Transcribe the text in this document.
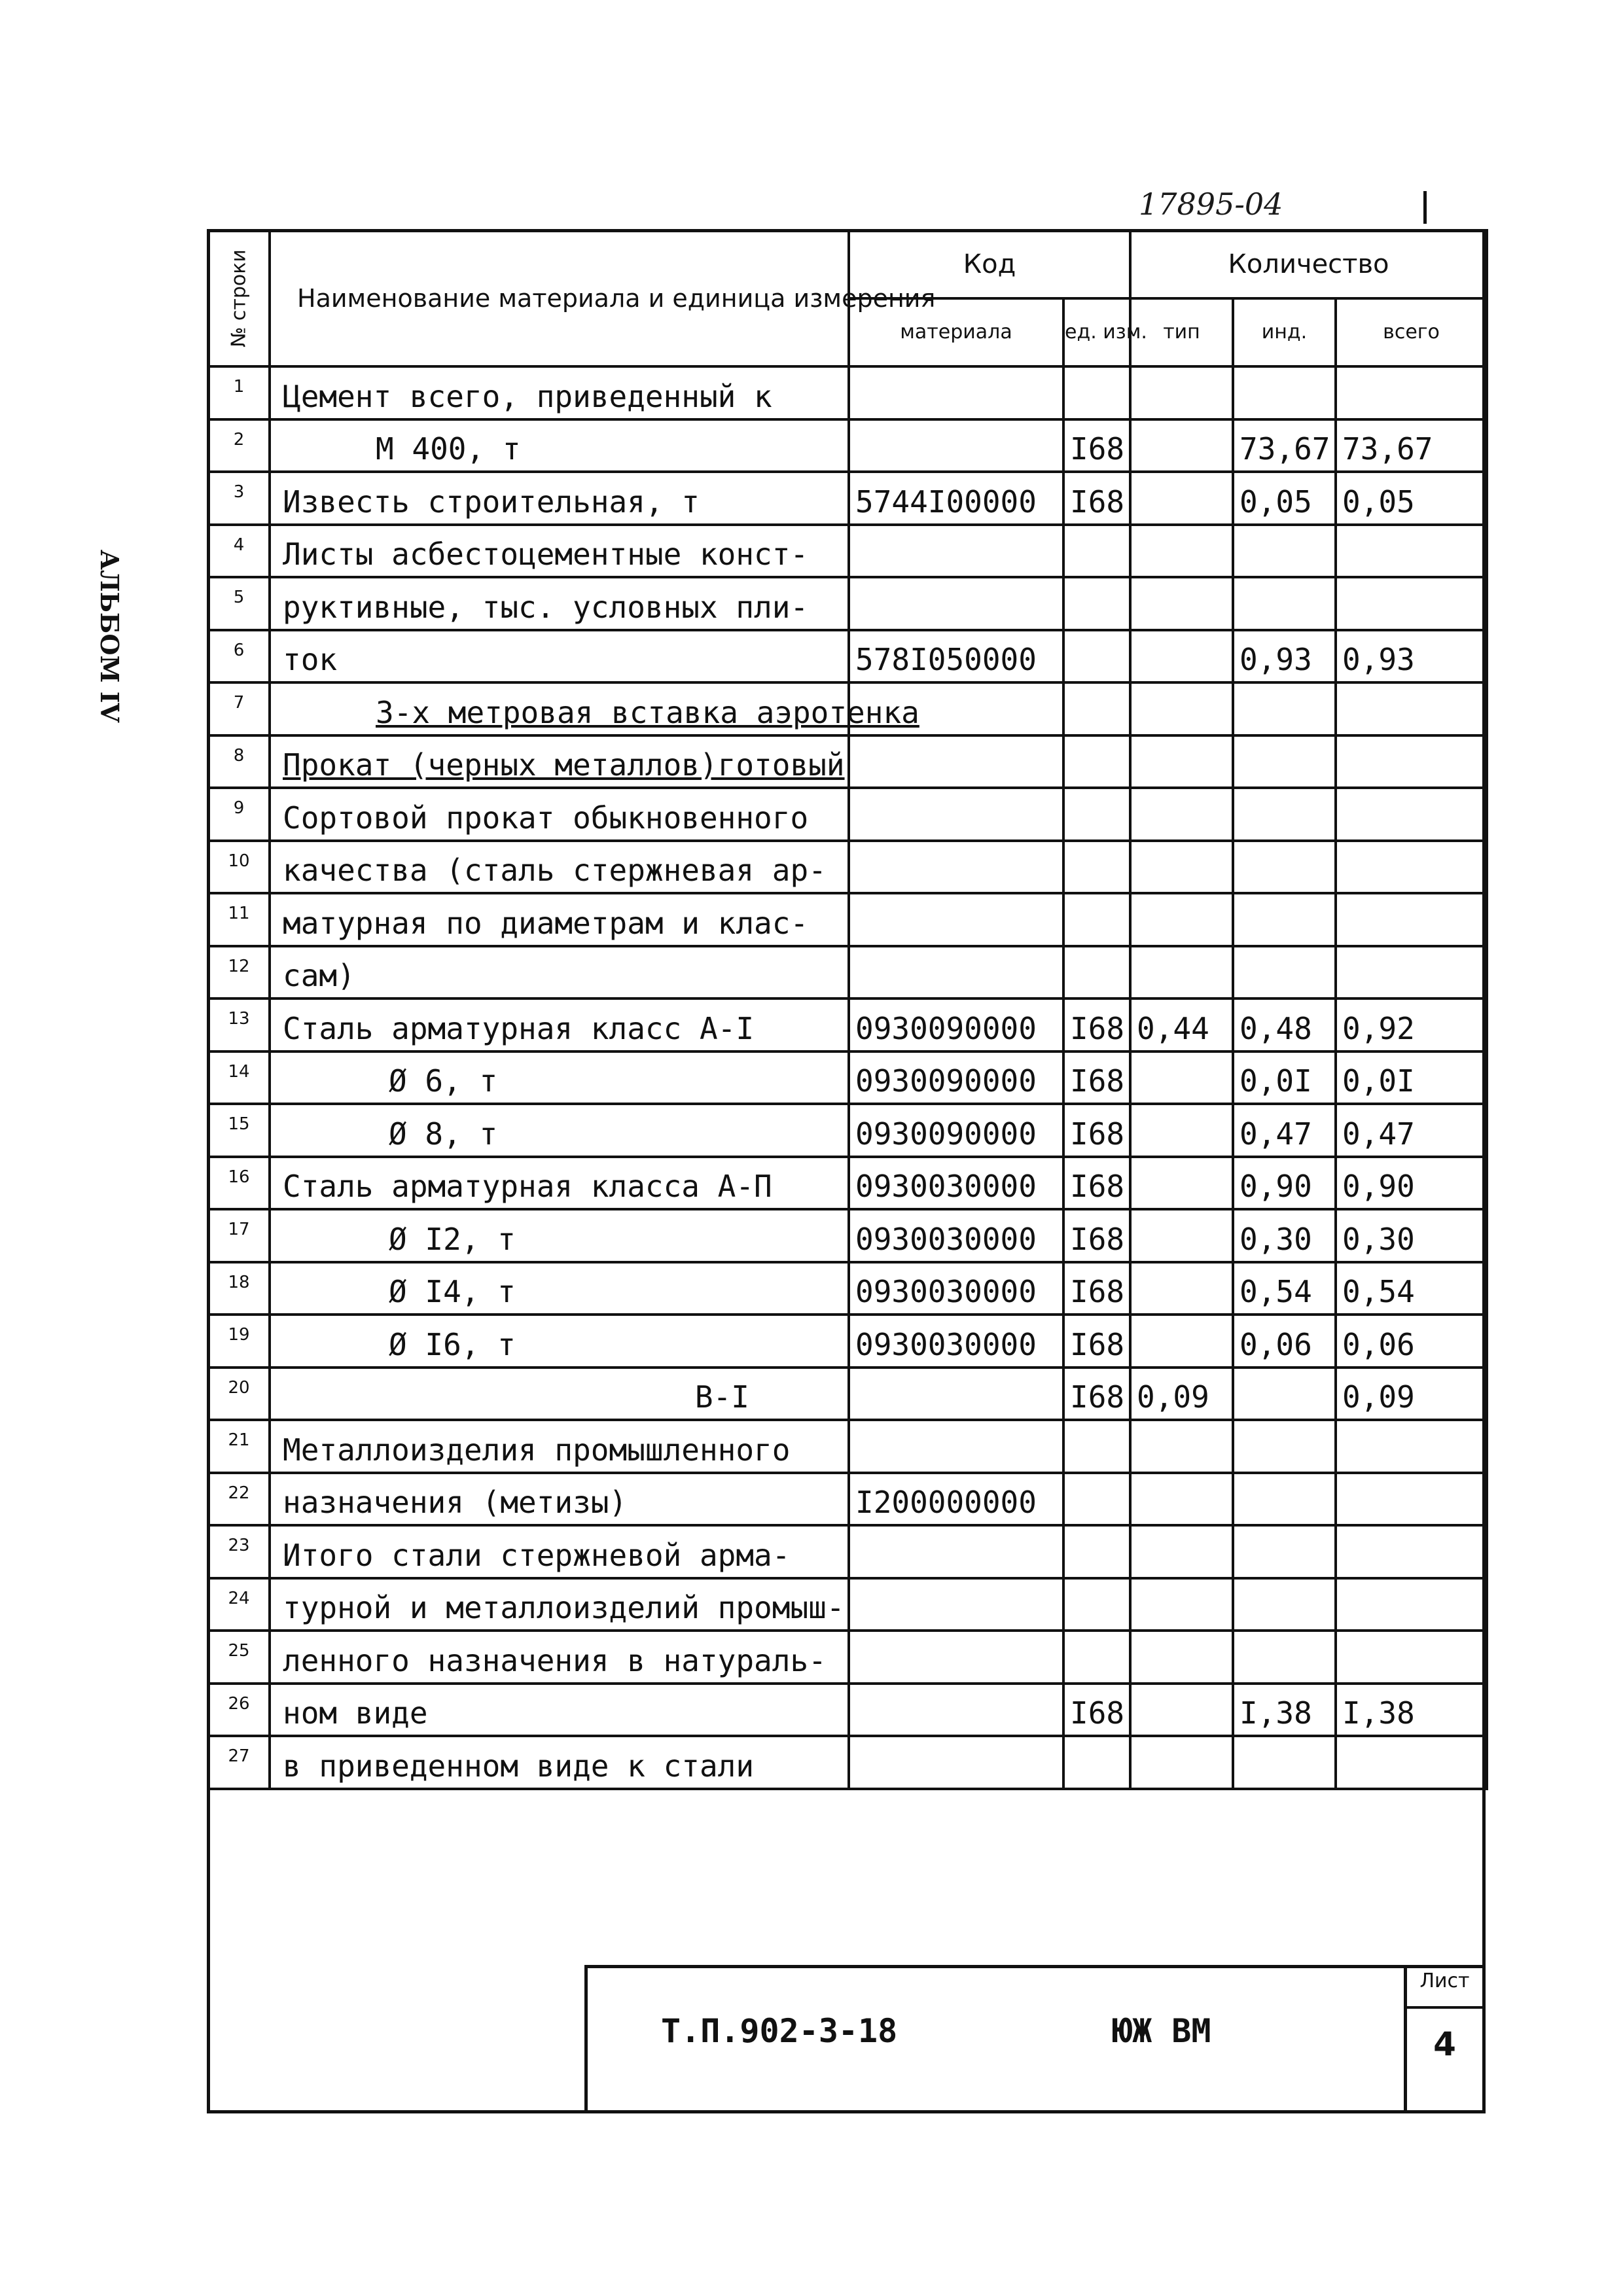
17895-04
АЛЬБОМ IV
№ строки	Наименование материала и единица измерения	Код		Количество		
		материала	ед. изм.	тип	инд.	всего
1	Цемент всего, приведенный к					
2	М 400, т		I68		73,67	73,67
3	Известь строительная, т	5744I00000	I68		0,05	0,05
4	Листы асбестоцементные конст-					
5	руктивные, тыс. условных пли-					
6	ток	578I050000			0,93	0,93
7	3-х метровая вставка аэротенка					
8	Прокат (черных металлов)готовый					
9	Сортовой прокат обыкновенного					
10	качества (сталь стержневая ар-					
11	матурная по диаметрам и клас-					
12	сам)					
13	Сталь арматурная класс А-I	0930090000	I68	0,44	0,48	0,92
14	Ø 6, т	0930090000	I68		0,0I	0,0I
15	Ø 8, т	0930090000	I68		0,47	0,47
16	Сталь арматурная класса А-П	0930030000	I68		0,90	0,90
17	Ø I2, т	0930030000	I68		0,30	0,30
18	Ø I4, т	0930030000	I68		0,54	0,54
19	Ø I6, т	0930030000	I68		0,06	0,06
20	В-I		I68	0,09		0,09
21	Металлоизделия промышленного					
22	назначения (метизы)	I200000000				
23	Итого стали стержневой арма-					
24	турной и металлоизделий промыш-					
25	ленного назначения в натураль-					
26	ном виде		I68		I,38	I,38
27	в приведенном виде к стали					
Т.П.902-3-18	ЮЖ ВМ
Лист
4
